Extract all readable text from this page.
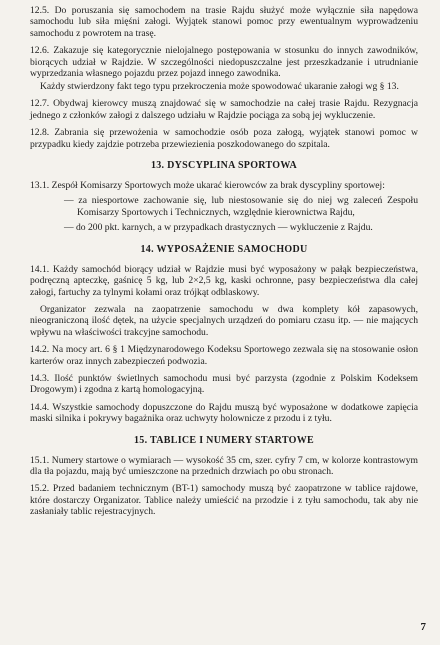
12.5. Do poruszania się samochodem na trasie Rajdu służyć może wyłącznie siła napędowa samochodu lub siła mięśni załogi. Wyjątek stanowi pomoc przy ewentualnym wyprowadzeniu samochodu z powrotem na trasę.

12.6. Zakazuje się kategorycznie nielojalnego postępowania w stosunku do innych zawodników, biorących udział w Rajdzie. W szczególności niedopuszczalne jest przeszkadzanie i utrudnianie wyprzedzania własnego pojazdu przez pojazd innego zawodnika.

Każdy stwierdzony fakt tego typu przekroczenia może spowodować ukaranie załogi wg § 13.

12.7. Obydwaj kierowcy muszą znajdować się w samochodzie na całej trasie Rajdu. Rezygnacja jednego z członków załogi z dalszego udziału w Rajdzie pociąga za sobą jej wykluczenie.

12.8. Zabrania się przewożenia w samochodzie osób poza załogą, wyjątek stanowi pomoc w przypadku kiedy zajdzie potrzeba przewiezienia poszkodowanego do szpitala.

13. DYSCYPLINA SPORTOWA

13.1. Zespół Komisarzy Sportowych może ukarać kierowców za brak dyscypliny sportowej:

— za niesportowe zachowanie się, lub niestosowanie się do niej wg zaleceń Zespołu Komisarzy Sportowych i Technicznych, względnie kierownictwa Rajdu,

— do 200 pkt. karnych, a w przypadkach drastycznych — wykluczenie z Rajdu.

14. WYPOSAŻENIE SAMOCHODU

14.1. Każdy samochód biorący udział w Rajdzie musi być wyposażony w pałąk bezpieczeństwa, podręczną apteczkę, gaśnicę 5 kg, lub 2×2,5 kg, kaski ochronne, pasy bezpieczeństwa dla całej załogi, fartuchy za tylnymi kołami oraz trójkąt odblaskowy.

Organizator zezwala na zaopatrzenie samochodu w dwa komplety kół zapasowych, nieograniczoną ilość dętek, na użycie specjalnych urządzeń do pomiaru czasu itp. — nie mających wpływu na właściwości trakcyjne samochodu.

14.2. Na mocy art. 6 § 1 Międzynarodowego Kodeksu Sportowego zezwala się na stosowanie osłon karterów oraz innych zabezpieczeń podwozia.

14.3. Ilość punktów świetlnych samochodu musi być parzysta (zgodnie z Polskim Kodeksem Drogowym) i zgodna z kartą homologacyjną.

14.4. Wszystkie samochody dopuszczone do Rajdu muszą być wyposażone w dodatkowe zapięcia maski silnika i pokrywy bagażnika oraz uchwyty holownicze z przodu i z tyłu.

15. TABLICE I NUMERY STARTOWE

15.1. Numery startowe o wymiarach — wysokość 35 cm, szer. cyfry 7 cm, w kolorze kontrastowym dla tła pojazdu, mają być umieszczone na przednich drzwiach po obu stronach.

15.2. Przed badaniem technicznym (BT-1) samochody muszą być zaopatrzone w tablice rajdowe, które dostarczy Organizator. Tablice należy umieścić na przodzie i z tyłu samochodu, tak aby nie zasłaniały tablic rejestracyjnych.

7
